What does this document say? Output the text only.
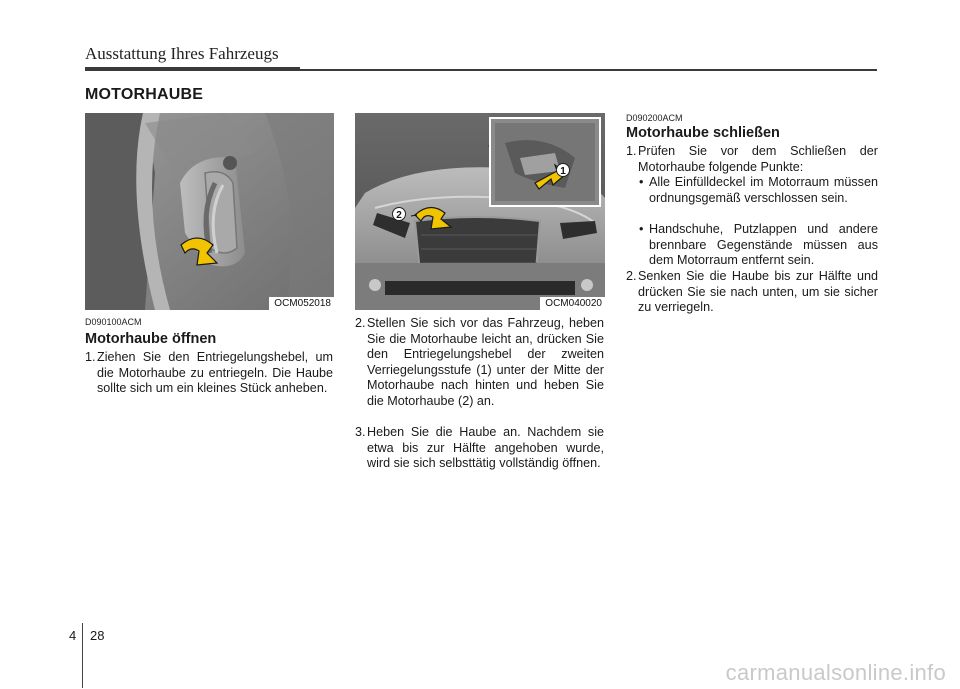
Ausstattung Ihres Fahrzeugs
MOTORHAUBE
OCM052018
2
1
OCM040020
D090100ACM
Motorhaube öffnen

1.Ziehen Sie den Entriegelungshebel, um die Motorhaube zu entriegeln. Die Haube sollte sich um ein kleines Stück anheben.

2.Stellen Sie sich vor das Fahrzeug, heben Sie die Motorhaube leicht an, drücken Sie den Entriegelungshebel der zweiten Verriegelungsstufe (1) unter der Mitte der Motorhaube nach hinten und heben Sie die Motorhaube (2) an.

3.Heben Sie die Haube an. Nachdem sie etwa bis zur Hälfte angehoben wurde, wird sie sich selbsttätig vollständig öffnen.

D090200ACM
Motorhaube schließen

1.Prüfen Sie vor dem Schließen der Motorhaube folgende Punkte:

• Alle Einfülldeckel im Motorraum müssen ordnungsgemäß verschlossen sein.

• Handschuhe, Putzlappen und andere brennbare Gegenstände müssen aus dem Motorraum entfernt sein.

2.Senken Sie die Haube bis zur Hälfte und drücken Sie sie nach unten, um sie sicher zu verriegeln.

4 28
carmanualsonline.info
